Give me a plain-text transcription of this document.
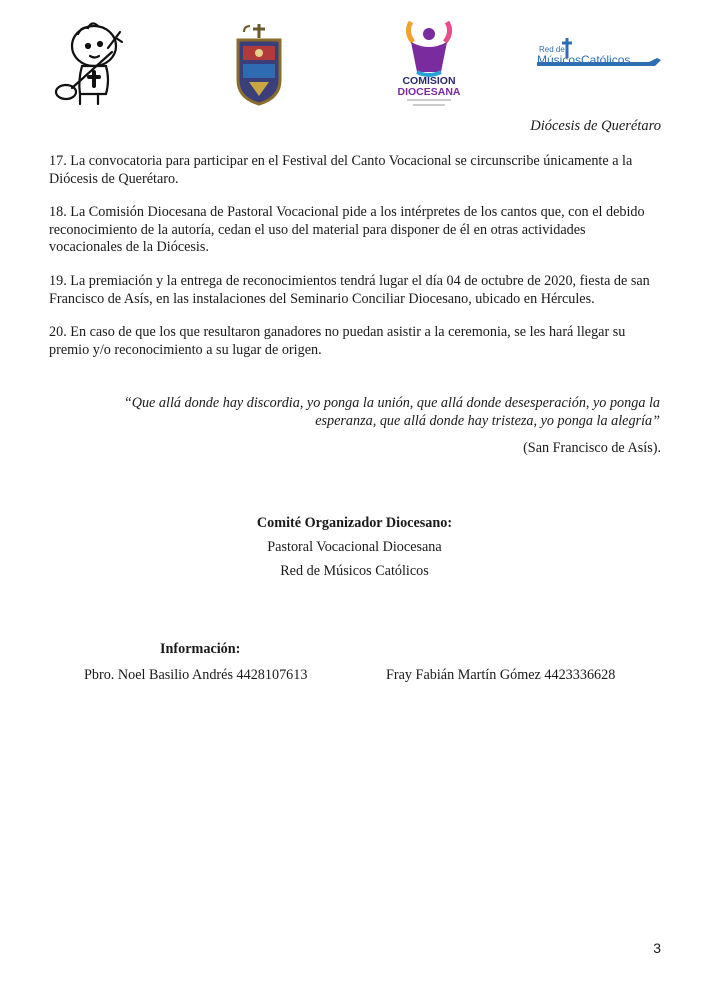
COMISION
DIOCESANA
Red de
MúsicosCatólicos
Diócesis de Querétaro

17. La convocatoria para participar en el Festival del Canto Vocacional se circunscribe únicamente a la Diócesis de Querétaro.

18. La Comisión Diocesana de Pastoral Vocacional pide a los intérpretes de los cantos que, con el debido reconocimiento de la autoría, cedan el uso del material para disponer de él en otras actividades vocacionales de la Diócesis.

19. La premiación y la entrega de reconocimientos tendrá lugar el día 04 de octubre de 2020, fiesta de san Francisco de Asís, en las instalaciones del Seminario Conciliar Diocesano, ubicado en Hércules.

20. En caso de que los que resultaron ganadores no puedan asistir a la ceremonia, se les hará llegar su premio y/o reconocimiento a su lugar de origen.

“Que allá donde hay discordia, yo ponga la unión, que allá donde desesperación, yo ponga la esperanza, que allá donde hay tristeza, yo ponga la alegría”
(San Francisco de Asís).
Comité Organizador Diocesano:
Pastoral Vocacional Diocesana
Red de Músicos Católicos
Información:
Pbro. Noel Basilio Andrés 4428107613	Fray Fabián Martín Gómez 4423336628
3
